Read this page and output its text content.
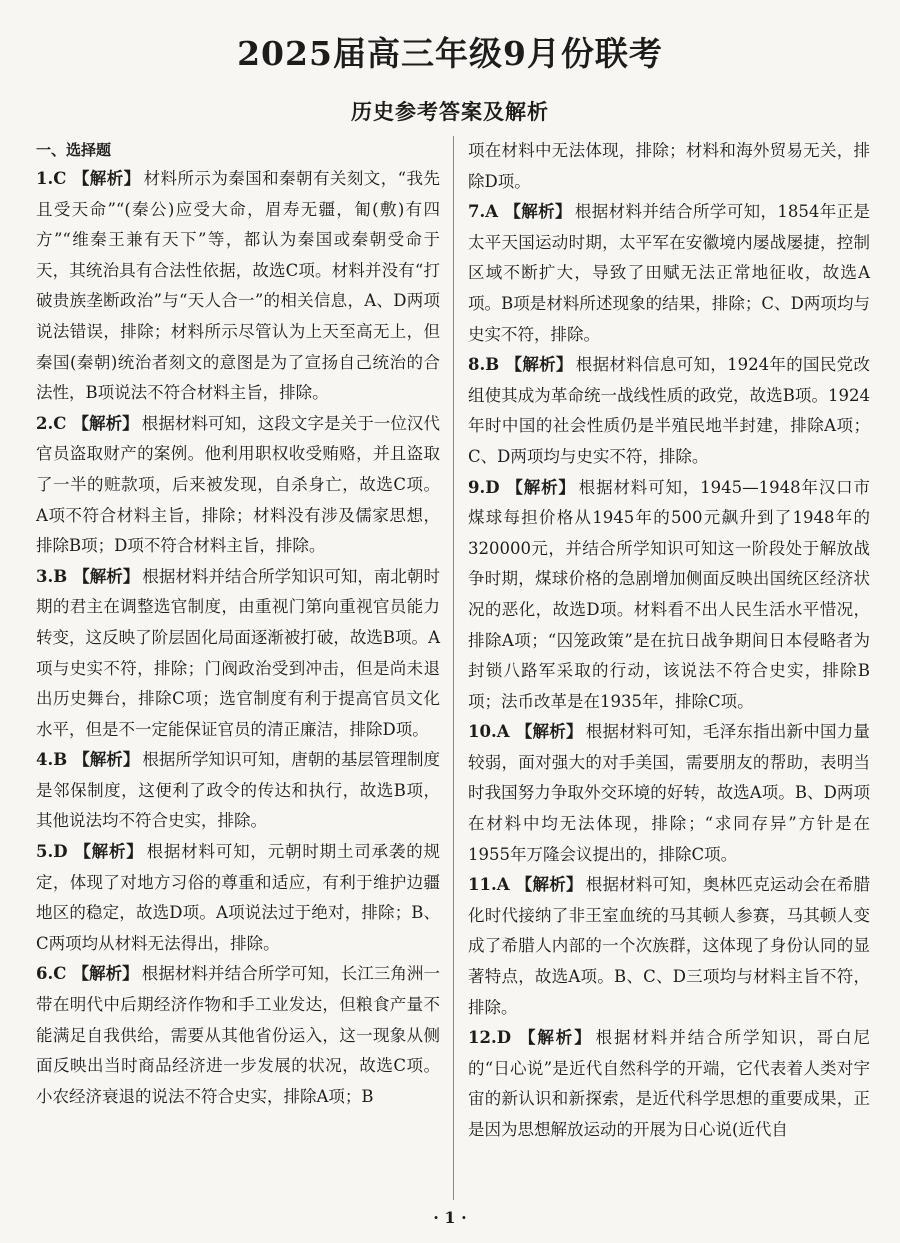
2025届高三年级9月份联考
历史参考答案及解析
一、选择题

1.C 【解析】 材料所示为秦国和秦朝有关刻文，“我先且受天命”“(秦公)应受大命，眉寿无疆，匍(敷)有四方”“维秦王兼有天下”等，都认为秦国或秦朝受命于天，其统治具有合法性依据，故选C项。材料并没有“打破贵族垄断政治”与“天人合一”的相关信息，A、D两项说法错误，排除；材料所示尽管认为上天至高无上，但秦国(秦朝)统治者刻文的意图是为了宣扬自己统治的合法性，B项说法不符合材料主旨，排除。

2.C 【解析】 根据材料可知，这段文字是关于一位汉代官员盗取财产的案例。他利用职权收受贿赂，并且盗取了一半的赃款项，后来被发现，自杀身亡，故选C项。A项不符合材料主旨，排除；材料没有涉及儒家思想，排除B项；D项不符合材料主旨，排除。

3.B 【解析】 根据材料并结合所学知识可知，南北朝时期的君主在调整选官制度，由重视门第向重视官员能力转变，这反映了阶层固化局面逐渐被打破，故选B项。A项与史实不符，排除；门阀政治受到冲击，但是尚未退出历史舞台，排除C项；选官制度有利于提高官员文化水平，但是不一定能保证官员的清正廉洁，排除D项。

4.B 【解析】 根据所学知识可知，唐朝的基层管理制度是邻保制度，这便利了政令的传达和执行，故选B项，其他说法均不符合史实，排除。

5.D 【解析】 根据材料可知，元朝时期土司承袭的规定，体现了对地方习俗的尊重和适应，有利于维护边疆地区的稳定，故选D项。A项说法过于绝对，排除；B、C两项均从材料无法得出，排除。

6.C 【解析】 根据材料并结合所学可知，长江三角洲一带在明代中后期经济作物和手工业发达，但粮食产量不能满足自我供给，需要从其他省份运入，这一现象从侧面反映出当时商品经济进一步发展的状况，故选C项。小农经济衰退的说法不符合史实，排除A项；B

项在材料中无法体现，排除；材料和海外贸易无关，排除D项。

7.A 【解析】 根据材料并结合所学可知，1854年正是太平天国运动时期，太平军在安徽境内屡战屡捷，控制区域不断扩大，导致了田赋无法正常地征收，故选A项。B项是材料所述现象的结果，排除；C、D两项均与史实不符，排除。

8.B 【解析】 根据材料信息可知，1924年的国民党改组使其成为革命统一战线性质的政党，故选B项。1924年时中国的社会性质仍是半殖民地半封建，排除A项；C、D两项均与史实不符，排除。

9.D 【解析】 根据材料可知，1945—1948年汉口市煤球每担价格从1945年的500元飙升到了1948年的320000元，并结合所学知识可知这一阶段处于解放战争时期，煤球价格的急剧增加侧面反映出国统区经济状况的恶化，故选D项。材料看不出人民生活水平惜况，排除A项；“囚笼政策”是在抗日战争期间日本侵略者为封锁八路军采取的行动，该说法不符合史实，排除B项；法币改革是在1935年，排除C项。

10.A 【解析】 根据材料可知，毛泽东指出新中国力量较弱，面对强大的对手美国，需要朋友的帮助，表明当时我国努力争取外交环境的好转，故选A项。B、D两项在材料中均无法体现，排除；“求同存异”方针是在1955年万隆会议提出的，排除C项。

11.A 【解析】 根据材料可知，奥林匹克运动会在希腊化时代接纳了非王室血统的马其顿人参赛，马其顿人变成了希腊人内部的一个次族群，这体现了身份认同的显著特点，故选A项。B、C、D三项均与材料主旨不符，排除。

12.D 【解析】 根据材料并结合所学知识，哥白尼的“日心说”是近代自然科学的开端，它代表着人类对宇宙的新认识和新探索，是近代科学思想的重要成果，正是因为思想解放运动的开展为日心说(近代自

· 1 ·
